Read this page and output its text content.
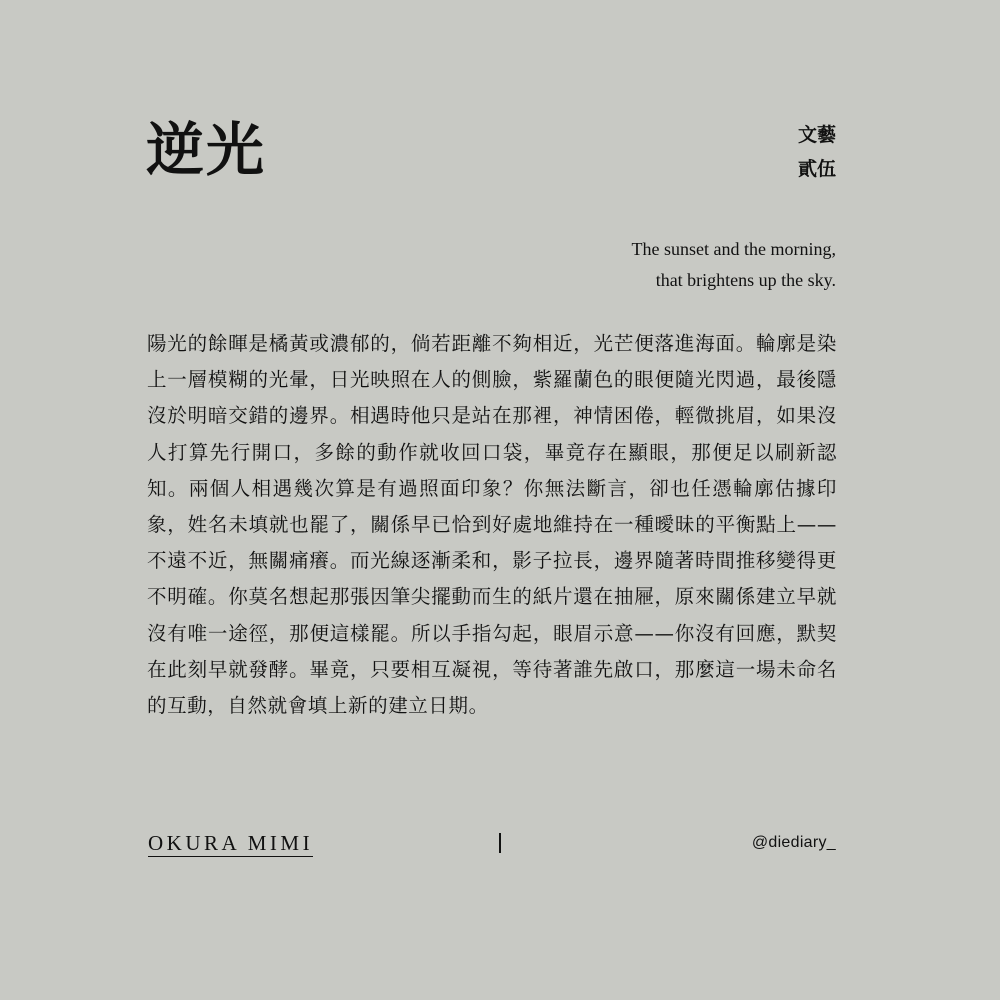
逆光	文藝
貳伍
The sunset and the morning,
that brightens up the sky.

陽光的餘暉是橘黃或濃郁的，倘若距離不夠相近，光芒便落進海面。輪廓是染上一層模糊的光暈，日光映照在人的側臉，紫羅蘭色的眼便隨光閃過，最後隱沒於明暗交錯的邊界。相遇時他只是站在那裡，神情困倦，輕微挑眉，如果沒人打算先行開口，多餘的動作就收回口袋，畢竟存在顯眼，那便足以刷新認知。兩個人相遇幾次算是有過照面印象？你無法斷言，卻也任憑輪廓估據印象，姓名未填就也罷了，關係早已恰到好處地維持在一種曖昧的平衡點上——不遠不近，無關痛癢。而光線逐漸柔和，影子拉長，邊界隨著時間推移變得更不明確。你莫名想起那張因筆尖擺動而生的紙片還在抽屜，原來關係建立早就沒有唯一途徑，那便這樣罷。所以手指勾起，眼眉示意——你沒有回應，默契在此刻早就發酵。畢竟，只要相互凝視，等待著誰先啟口，那麼這一場未命名的互動，自然就會填上新的建立日期。

OKURA MIMI	@diediary_
